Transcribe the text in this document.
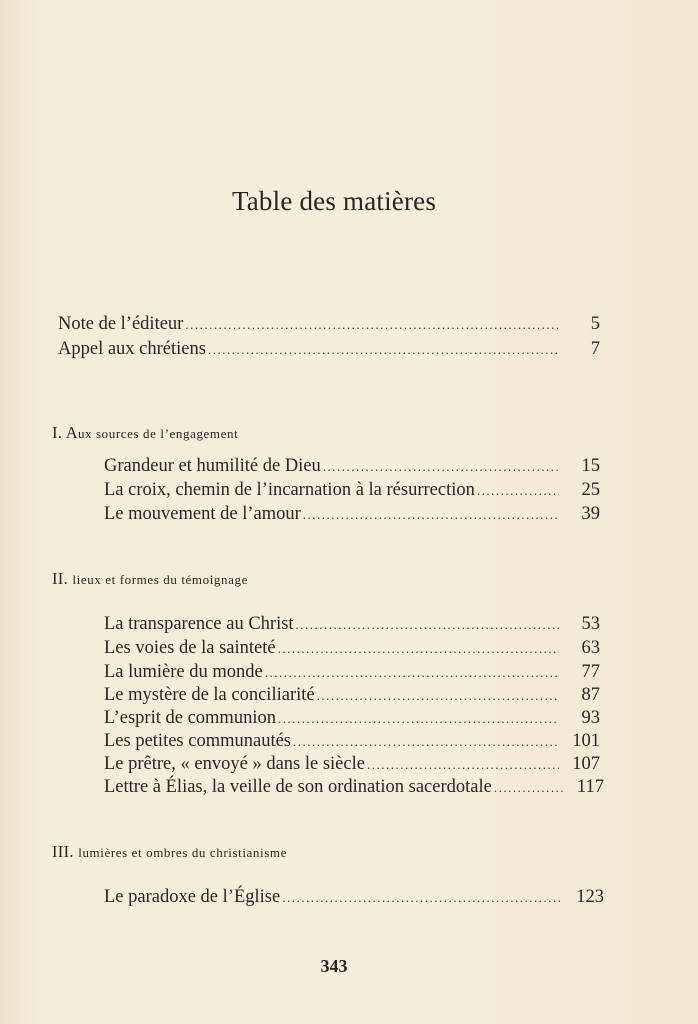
Table des matières
Note de l’éditeur .....	5
Appel aux chrétiens .....	7
I. Aux sources de l’engagement
Grandeur et humilité de Dieu .....	15
La croix, chemin de l’incarnation à la résurrection .....	25
Le mouvement de l’amour .....	39
II. lieux et formes du témoignage
La transparence au Christ .....	53
Les voies de la sainteté .....	63
La lumière du monde .....	77
Le mystère de la conciliarité .....	87
L’esprit de communion .....	93
Les petites communautés .....	101
Le prêtre, « envoyé » dans le siècle .....	107
Lettre à Élias, la veille de son ordination sacerdotale .....	117
III. lumières et ombres du christianisme
Le paradoxe de l’Église .....	123
343
